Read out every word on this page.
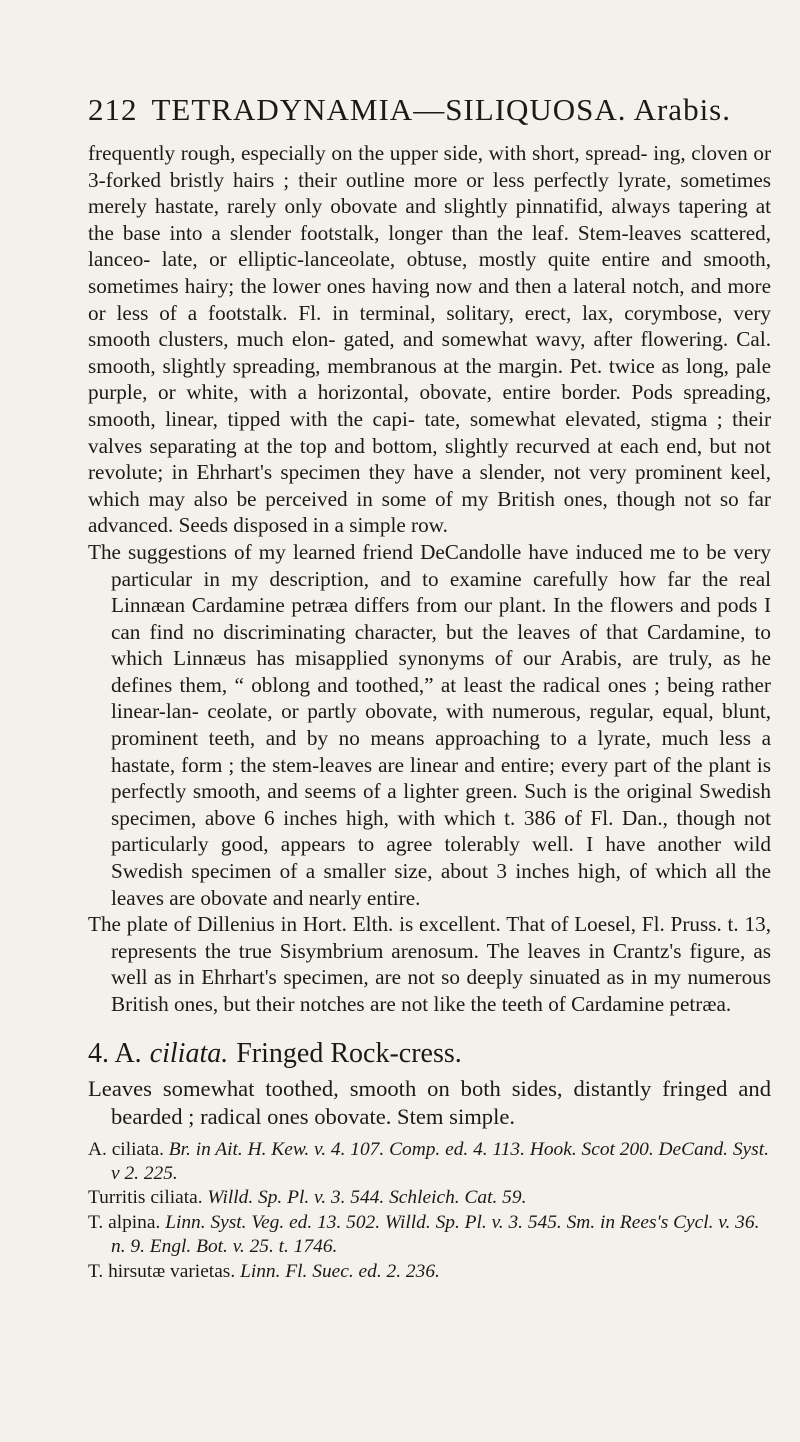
212 TETRADYNAMIA—SILIQUOSA. Arabis.

frequently rough, especially on the upper side, with short, spread- ing, cloven or 3-forked bristly hairs ; their outline more or less perfectly lyrate, sometimes merely hastate, rarely only obovate and slightly pinnatifid, always tapering at the base into a slender footstalk, longer than the leaf. Stem-leaves scattered, lanceo- late, or elliptic-lanceolate, obtuse, mostly quite entire and smooth, sometimes hairy; the lower ones having now and then a lateral notch, and more or less of a footstalk. Fl. in terminal, solitary, erect, lax, corymbose, very smooth clusters, much elon- gated, and somewhat wavy, after flowering. Cal. smooth, slightly spreading, membranous at the margin. Pet. twice as long, pale purple, or white, with a horizontal, obovate, entire border. Pods spreading, smooth, linear, tipped with the capi- tate, somewhat elevated, stigma ; their valves separating at the top and bottom, slightly recurved at each end, but not revolute; in Ehrhart's specimen they have a slender, not very prominent keel, which may also be perceived in some of my British ones, though not so far advanced. Seeds disposed in a simple row.

The suggestions of my learned friend DeCandolle have induced me to be very particular in my description, and to examine carefully how far the real Linnæan Cardamine petræa differs from our plant. In the flowers and pods I can find no discriminating character, but the leaves of that Cardamine, to which Linnæus has misapplied synonyms of our Arabis, are truly, as he defines them, “ oblong and toothed,” at least the radical ones ; being rather linear-lan- ceolate, or partly obovate, with numerous, regular, equal, blunt, prominent teeth, and by no means approaching to a lyrate, much less a hastate, form ; the stem-leaves are linear and entire; every part of the plant is perfectly smooth, and seems of a lighter green. Such is the original Swedish specimen, above 6 inches high, with which t. 386 of Fl. Dan., though not particularly good, appears to agree tolerably well. I have another wild Swedish specimen of a smaller size, about 3 inches high, of which all the leaves are obovate and nearly entire.

The plate of Dillenius in Hort. Elth. is excellent. That of Loesel, Fl. Pruss. t. 13, represents the true Sisymbrium arenosum. The leaves in Crantz's figure, as well as in Ehrhart's specimen, are not so deeply sinuated as in my numerous British ones, but their notches are not like the teeth of Cardamine petræa.

4. A. ciliata. Fringed Rock-cress.

Leaves somewhat toothed, smooth on both sides, distantly fringed and bearded ; radical ones obovate. Stem simple.

A. ciliata. Br. in Ait. H. Kew. v. 4. 107. Comp. ed. 4. 113. Hook. Scot 200. DeCand. Syst. v 2. 225.

Turritis ciliata. Willd. Sp. Pl. v. 3. 544. Schleich. Cat. 59.

T. alpina. Linn. Syst. Veg. ed. 13. 502. Willd. Sp. Pl. v. 3. 545. Sm. in Rees's Cycl. v. 36. n. 9. Engl. Bot. v. 25. t. 1746.

T. hirsutæ varietas. Linn. Fl. Suec. ed. 2. 236.
